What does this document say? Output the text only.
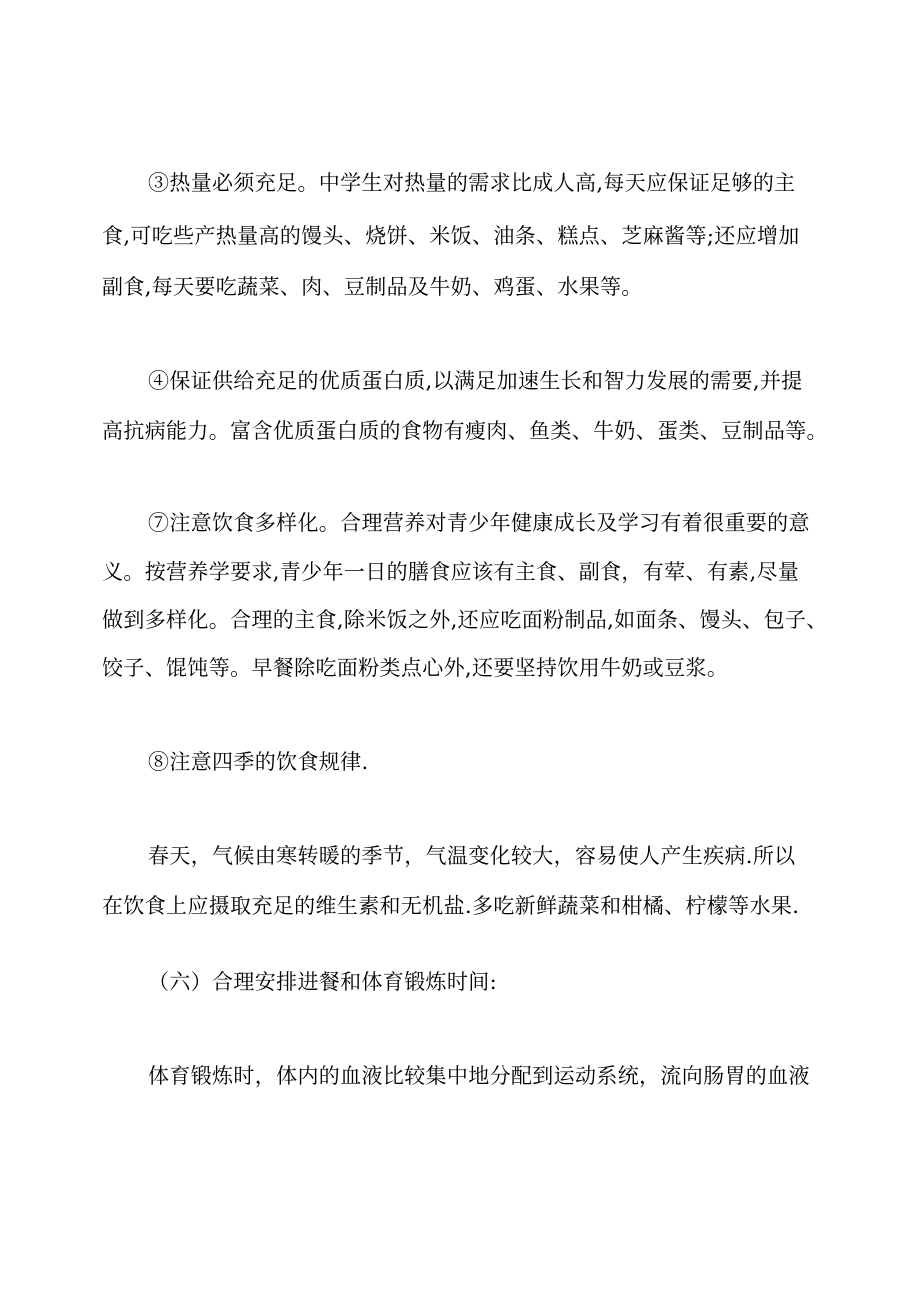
③热量必须充足。中学生对热量的需求比成人高,每天应保证足够的主

食,可吃些产热量高的馒头、烧饼、米饭、油条、糕点、芝麻酱等;还应增加

副食,每天要吃蔬菜、肉、豆制品及牛奶、鸡蛋、水果等。

④保证供给充足的优质蛋白质,以满足加速生长和智力发展的需要,并提

高抗病能力。富含优质蛋白质的食物有瘦肉、鱼类、牛奶、蛋类、豆制品等。

⑦注意饮食多样化。合理营养对青少年健康成长及学习有着很重要的意

义。按营养学要求,青少年一日的膳食应该有主食、副食，有荤、有素,尽量

做到多样化。合理的主食,除米饭之外,还应吃面粉制品,如面条、馒头、包子、

饺子、馄饨等。早餐除吃面粉类点心外,还要坚持饮用牛奶或豆浆。

⑧注意四季的饮食规律.

春天，气候由寒转暖的季节，气温变化较大，容易使人产生疾病.所以

在饮食上应摄取充足的维生素和无机盐.多吃新鲜蔬菜和柑橘、柠檬等水果.

（六）合理安排进餐和体育锻炼时间:

体育锻炼时，体内的血液比较集中地分配到运动系统，流向肠胃的血液
